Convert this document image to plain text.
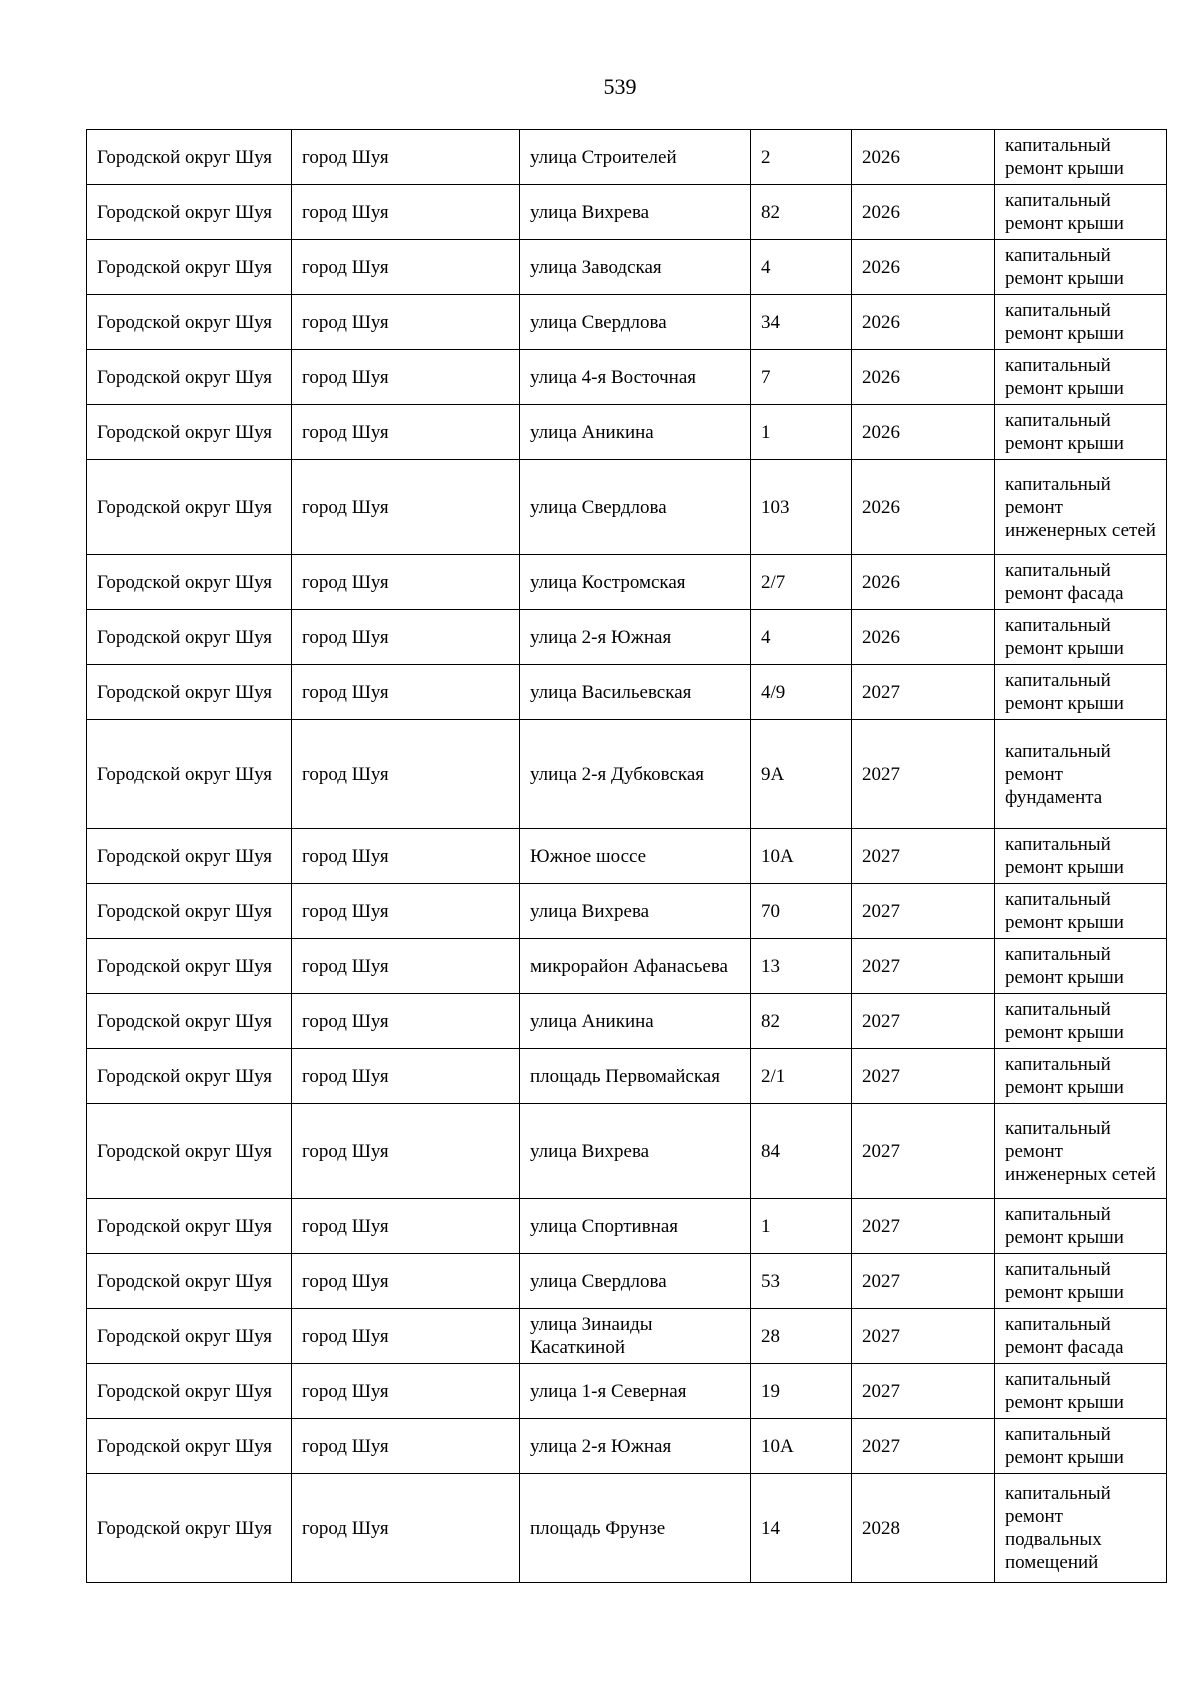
539
Городской округ Шуя	город Шуя	улица Строителей	2	2026	капитальный ремонт крыши
Городской округ Шуя	город Шуя	улица Вихрева	82	2026	капитальный ремонт крыши
Городской округ Шуя	город Шуя	улица Заводская	4	2026	капитальный ремонт крыши
Городской округ Шуя	город Шуя	улица Свердлова	34	2026	капитальный ремонт крыши
Городской округ Шуя	город Шуя	улица 4-я Восточная	7	2026	капитальный ремонт крыши
Городской округ Шуя	город Шуя	улица Аникина	1	2026	капитальный ремонт крыши
Городской округ Шуя	город Шуя	улица Свердлова	103	2026	капитальный ремонт инженерных сетей
Городской округ Шуя	город Шуя	улица Костромская	2/7	2026	капитальный ремонт фасада
Городской округ Шуя	город Шуя	улица 2-я Южная	4	2026	капитальный ремонт крыши
Городской округ Шуя	город Шуя	улица Васильевская	4/9	2027	капитальный ремонт крыши
Городской округ Шуя	город Шуя	улица 2-я Дубковская	9А	2027	капитальный ремонт фундамента
Городской округ Шуя	город Шуя	Южное шоссе	10А	2027	капитальный ремонт крыши
Городской округ Шуя	город Шуя	улица Вихрева	70	2027	капитальный ремонт крыши
Городской округ Шуя	город Шуя	микрорайон Афанасьева	13	2027	капитальный ремонт крыши
Городской округ Шуя	город Шуя	улица Аникина	82	2027	капитальный ремонт крыши
Городской округ Шуя	город Шуя	площадь Первомайская	2/1	2027	капитальный ремонт крыши
Городской округ Шуя	город Шуя	улица Вихрева	84	2027	капитальный ремонт инженерных сетей
Городской округ Шуя	город Шуя	улица Спортивная	1	2027	капитальный ремонт крыши
Городской округ Шуя	город Шуя	улица Свердлова	53	2027	капитальный ремонт крыши
Городской округ Шуя	город Шуя	улица Зинаиды Касаткиной	28	2027	капитальный ремонт фасада
Городской округ Шуя	город Шуя	улица 1-я Северная	19	2027	капитальный ремонт крыши
Городской округ Шуя	город Шуя	улица 2-я Южная	10А	2027	капитальный ремонт крыши
Городской округ Шуя	город Шуя	площадь Фрунзе	14	2028	капитальный ремонт подвальных помещений
